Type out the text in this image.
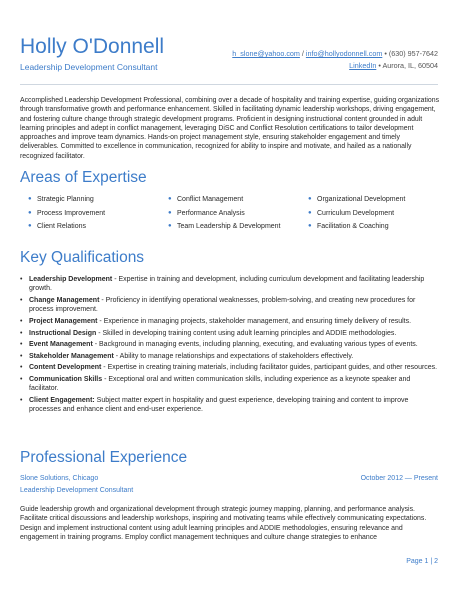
Holly O'Donnell
Leadership Development Consultant
h_slone@yahoo.com / info@hollyodonnell.com • (630) 957-7642
LinkedIn • Aurora, IL, 60504

Accomplished Leadership Development Professional, combining over a decade of hospitality and training expertise, guiding organizations through transformative growth and performance enhancement. Skilled in facilitating dynamic leadership workshops, driving engagement, and fostering culture change through strategic development programs. Proficient in designing instructional content grounded in adult learning principles and adept in conflict management, leveraging DiSC and Conflict Resolution certifications to tailor development approaches and improve team dynamics. Hands-on project management style, ensuring stakeholder engagement and timely deliverables. Committed to excellence in communication, recognized for ability to inspire and motivate, and hailed as a nationally recognized facilitator.

Areas of Expertise
● Strategic Planning	● Conflict Management	● Organizational Development
● Process Improvement	● Performance Analysis	● Curriculum Development
● Client Relations	● Team Leadership & Development	● Facilitation & Coaching
Key Qualifications
• Leadership Development - Expertise in training and development, including curriculum development and facilitating leadership growth.
• Change Management - Proficiency in identifying operational weaknesses, problem-solving, and creating new procedures for process improvement.
• Project Management - Experience in managing projects, stakeholder management, and ensuring timely delivery of results.
• Instructional Design - Skilled in developing training content using adult learning principles and ADDIE methodologies.
• Event Management - Background in managing events, including planning, executing, and evaluating various types of events.
• Stakeholder Management - Ability to manage relationships and expectations of stakeholders effectively.
• Content Development - Expertise in creating training materials, including facilitator guides, participant guides, and other resources.
• Communication Skills - Exceptional oral and written communication skills, including experience as a keynote speaker and facilitator.
• Client Engagement: Subject matter expert in hospitality and guest experience, developing training and content to improve processes and enhance client and end-user experience.
Professional Experience
Slone Solutions, Chicago	October 2012 — Present
Leadership Development Consultant

Guide leadership growth and organizational development through strategic journey mapping, planning, and performance analysis. Facilitate critical discussions and leadership workshops, inspiring and motivating teams while effectively communicating expectations. Design and implement instructional content using adult learning principles and ADDIE methodologies, ensuring relevance and engagement in training programs. Employ conflict management techniques and culture change strategies to enhance

Page 1 | 2
